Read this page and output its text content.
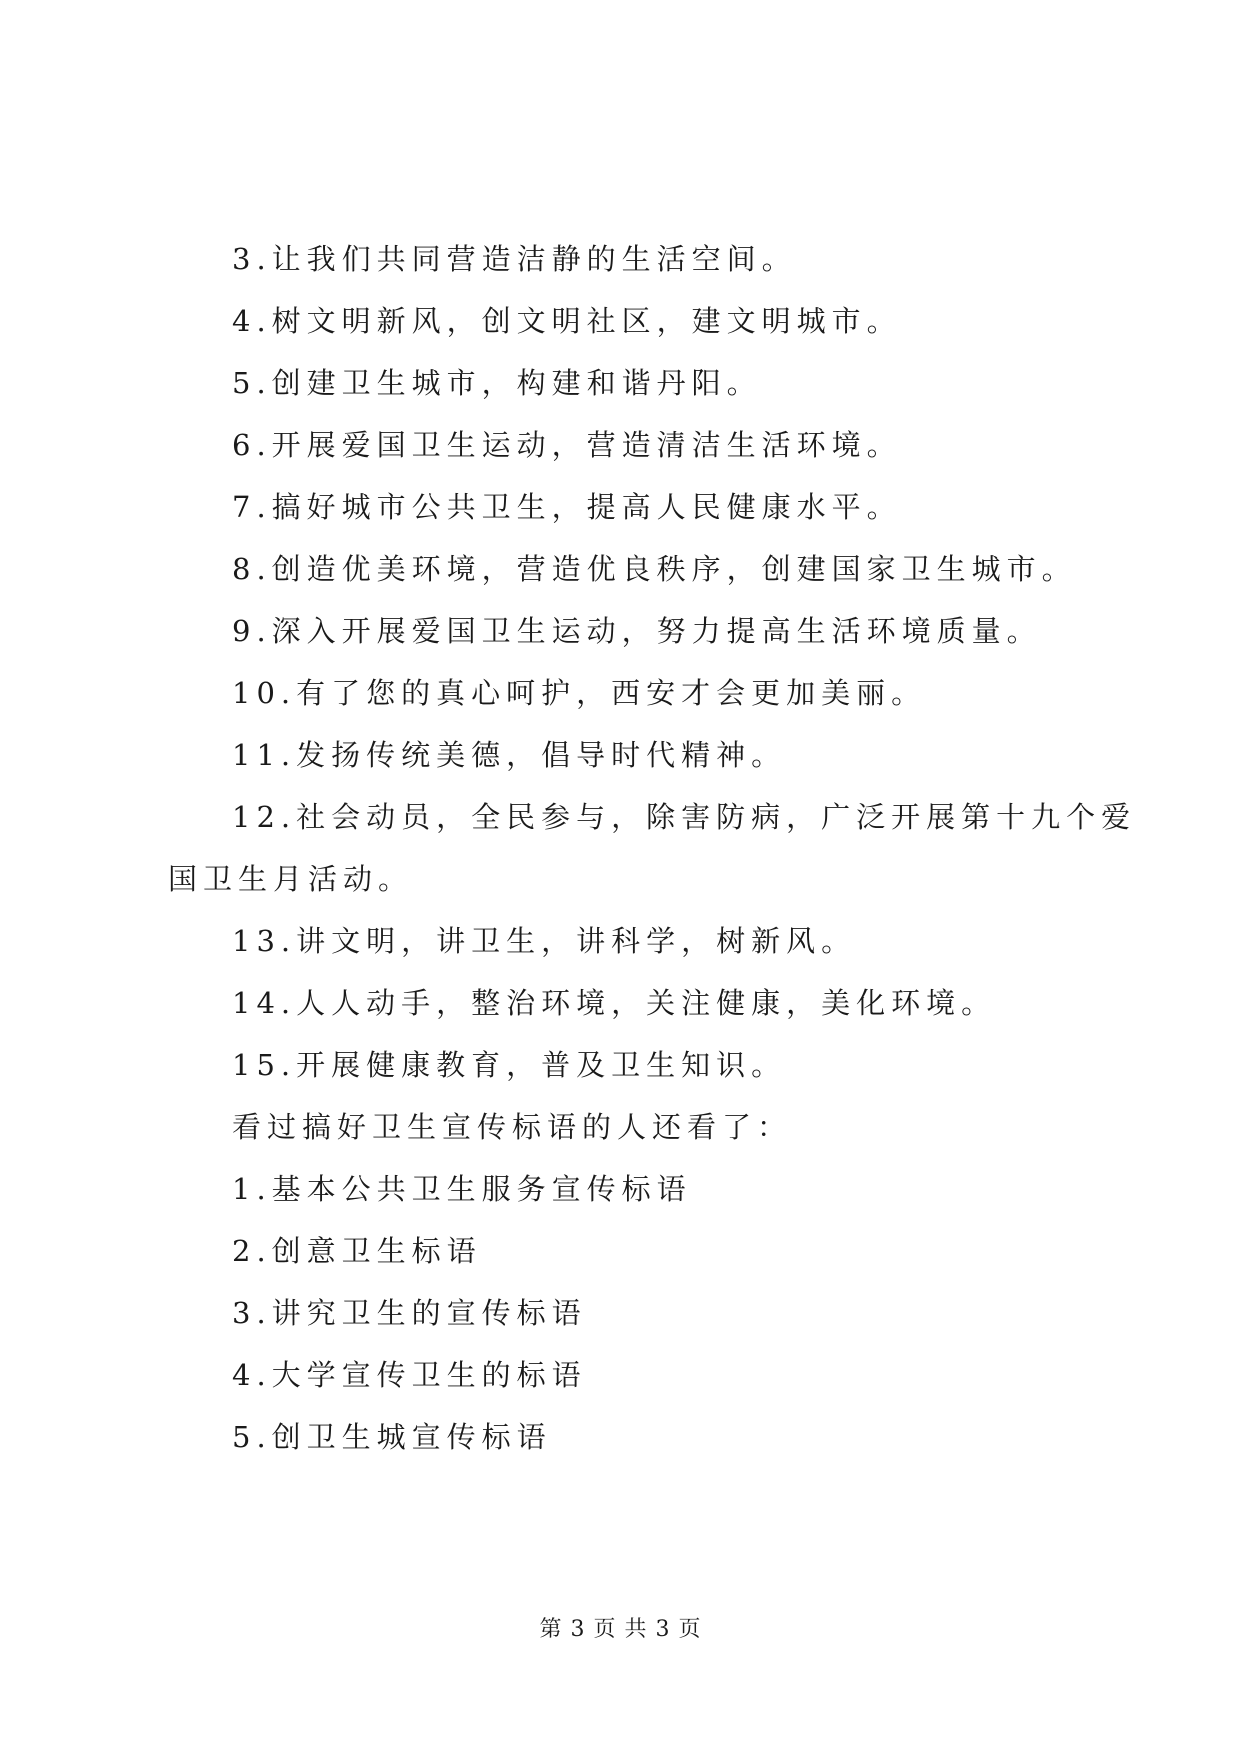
3.让我们共同营造洁静的生活空间。
4.树文明新风，创文明社区，建文明城市。
5.创建卫生城市，构建和谐丹阳。
6.开展爱国卫生运动，营造清洁生活环境。
7.搞好城市公共卫生，提高人民健康水平。
8.创造优美环境，营造优良秩序，创建国家卫生城市。
9.深入开展爱国卫生运动，努力提高生活环境质量。
10.有了您的真心呵护，西安才会更加美丽。
11.发扬传统美德，倡导时代精神。
12.社会动员，全民参与，除害防病，广泛开展第十九个爱
国卫生月活动。
13.讲文明，讲卫生，讲科学，树新风。
14.人人动手，整治环境，关注健康，美化环境。
15.开展健康教育，普及卫生知识。
看过搞好卫生宣传标语的人还看了：
1.基本公共卫生服务宣传标语
2.创意卫生标语
3.讲究卫生的宣传标语
4.大学宣传卫生的标语
5.创卫生城宣传标语
第 3 页 共 3 页
